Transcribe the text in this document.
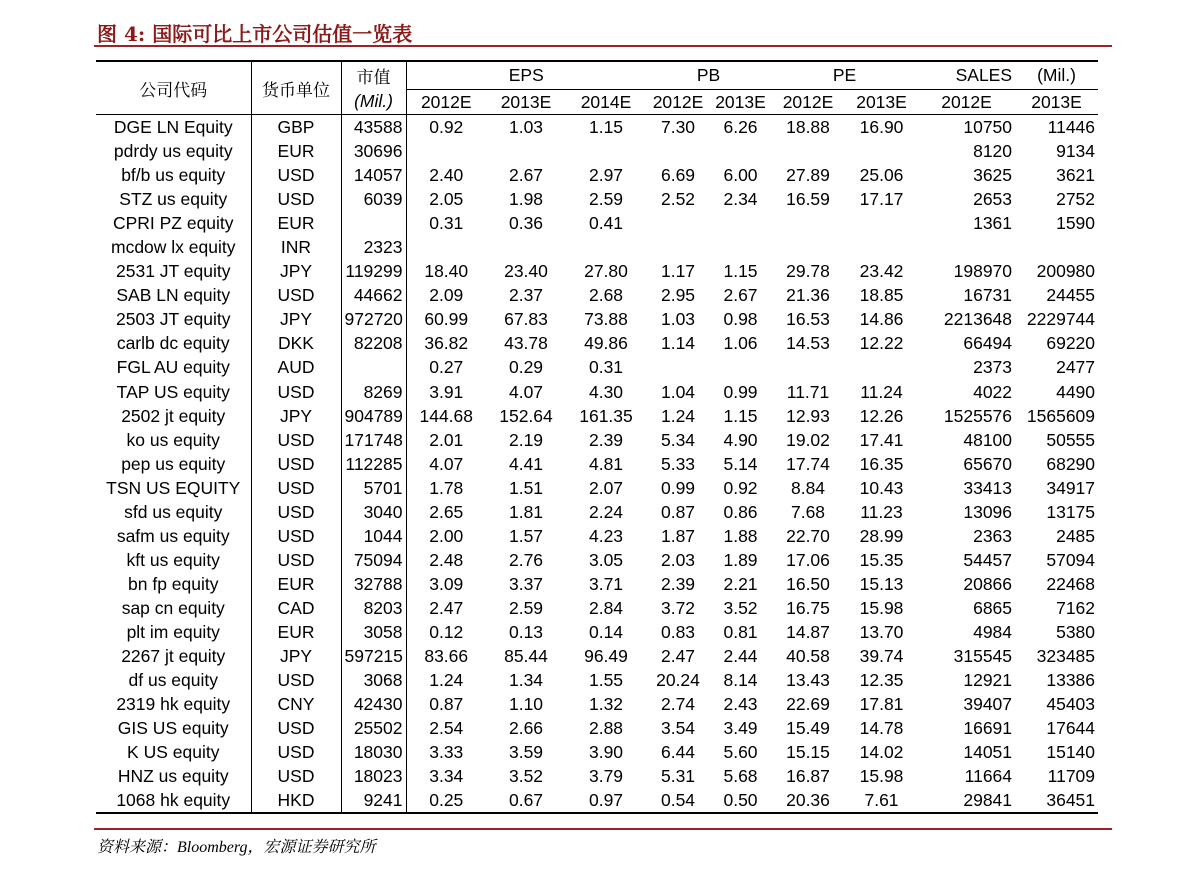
图 4: 国际可比上市公司估值一览表
公司代码	货币单位	市值	EPS			PB		PE		SALES	(Mil.)
		(Mil.)	2012E	2013E	2014E	2012E	2013E	2012E	2013E	2012E	2013E
DGE LN Equity	GBP	43588	0.92	1.03	1.15	7.30	6.26	18.88	16.90	10750	11446
pdrdy us equity	EUR	30696								8120	9134
bf/b us equity	USD	14057	2.40	2.67	2.97	6.69	6.00	27.89	25.06	3625	3621
STZ us equity	USD	6039	2.05	1.98	2.59	2.52	2.34	16.59	17.17	2653	2752
CPRI PZ equity	EUR		0.31	0.36	0.41					1361	1590
mcdow lx equity	INR	2323									
2531 JT equity	JPY	119299	18.40	23.40	27.80	1.17	1.15	29.78	23.42	198970	200980
SAB LN equity	USD	44662	2.09	2.37	2.68	2.95	2.67	21.36	18.85	16731	24455
2503 JT equity	JPY	972720	60.99	67.83	73.88	1.03	0.98	16.53	14.86	2213648	2229744
carlb dc equity	DKK	82208	36.82	43.78	49.86	1.14	1.06	14.53	12.22	66494	69220
FGL AU equity	AUD		0.27	0.29	0.31					2373	2477
TAP US equity	USD	8269	3.91	4.07	4.30	1.04	0.99	11.71	11.24	4022	4490
2502 jt equity	JPY	904789	144.68	152.64	161.35	1.24	1.15	12.93	12.26	1525576	1565609
ko us equity	USD	171748	2.01	2.19	2.39	5.34	4.90	19.02	17.41	48100	50555
pep us equity	USD	112285	4.07	4.41	4.81	5.33	5.14	17.74	16.35	65670	68290
TSN US EQUITY	USD	5701	1.78	1.51	2.07	0.99	0.92	8.84	10.43	33413	34917
sfd us equity	USD	3040	2.65	1.81	2.24	0.87	0.86	7.68	11.23	13096	13175
safm us equity	USD	1044	2.00	1.57	4.23	1.87	1.88	22.70	28.99	2363	2485
kft us equity	USD	75094	2.48	2.76	3.05	2.03	1.89	17.06	15.35	54457	57094
bn fp equity	EUR	32788	3.09	3.37	3.71	2.39	2.21	16.50	15.13	20866	22468
sap cn equity	CAD	8203	2.47	2.59	2.84	3.72	3.52	16.75	15.98	6865	7162
plt im equity	EUR	3058	0.12	0.13	0.14	0.83	0.81	14.87	13.70	4984	5380
2267 jt equity	JPY	597215	83.66	85.44	96.49	2.47	2.44	40.58	39.74	315545	323485
df us equity	USD	3068	1.24	1.34	1.55	20.24	8.14	13.43	12.35	12921	13386
2319 hk equity	CNY	42430	0.87	1.10	1.32	2.74	2.43	22.69	17.81	39407	45403
GIS US equity	USD	25502	2.54	2.66	2.88	3.54	3.49	15.49	14.78	16691	17644
K US equity	USD	18030	3.33	3.59	3.90	6.44	5.60	15.15	14.02	14051	15140
HNZ us equity	USD	18023	3.34	3.52	3.79	5.31	5.68	16.87	15.98	11664	11709
1068 hk equity	HKD	9241	0.25	0.67	0.97	0.54	0.50	20.36	7.61	29841	36451
资料来源：Bloomberg，宏源证券研究所
